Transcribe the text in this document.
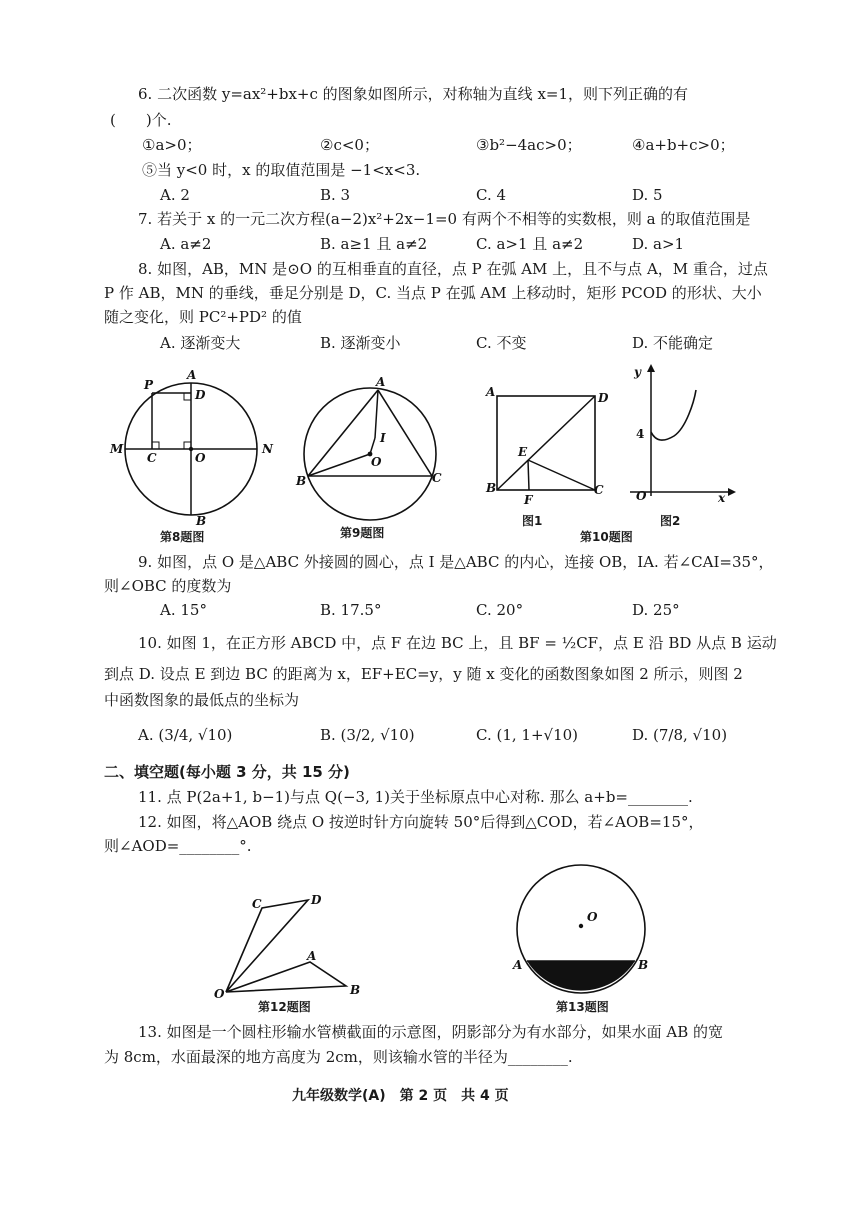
6. 二次函数 y=ax²+bx+c 的图象如图所示，对称轴为直线 x=1，则下列正确的有
(　　)个.
①a>0；	②c<0；	③b²−4ac>0；	④a+b+c>0；
⑤当 y<0 时，x 的取值范围是 −1<x<3.
A. 2	B. 3	C. 4	D. 5
7. 若关于 x 的一元二次方程(a−2)x²+2x−1=0 有两个不相等的实数根，则 a 的取值范围是
A. a≠2	B. a≥1 且 a≠2	C. a>1 且 a≠2	D. a>1
8. 如图，AB，MN 是⊙O 的互相垂直的直径，点 P 在弧 AM 上，且不与点 A，M 重合，过点
P 作 AB，MN 的垂线，垂足分别是 D，C. 当点 P 在弧 AM 上移动时，矩形 PCOD 的形状、大小
随之变化，则 PC²+PD² 的值
A. 逐渐变大	B. 逐渐变小	C. 不变	D. 不能确定
P
A
D
M
C	O
N
B
第8题图
A
I
O
B	C
第9题图
A	D
E
B
F
C
图1
第10题图
y
4
O	x
图2
9. 如图，点 O 是△ABC 外接圆的圆心，点 I 是△ABC 的内心，连接 OB，IA. 若∠CAI=35°，
则∠OBC 的度数为
A. 15°	B. 17.5°	C. 20°	D. 25°
10. 如图 1，在正方形 ABCD 中，点 F 在边 BC 上，且 BF = ½CF，点 E 沿 BD 从点 B 运动
到点 D. 设点 E 到边 BC 的距离为 x，EF+EC=y，y 随 x 变化的函数图象如图 2 所示，则图 2
中函数图象的最低点的坐标为
A. (3/4, √10)	B. (3/2, √10)	C. (1, 1+√10)	D. (7/8, √10)
二、填空题(每小题 3 分，共 15 分)
11. 点 P(2a+1, b−1)与点 Q(−3, 1)关于坐标原点中心对称. 那么 a+b=________.
12. 如图，将△AOB 绕点 O 按逆时针方向旋转 50°后得到△COD，若∠AOB=15°，
则∠AOD=________°.
C	D
A
O	B
第12题图
O
A	B
第13题图
13. 如图是一个圆柱形输水管横截面的示意图，阴影部分为有水部分，如果水面 AB 的宽
为 8cm，水面最深的地方高度为 2cm，则该输水管的半径为________.
九年级数学(A)　第 2 页　共 4 页
